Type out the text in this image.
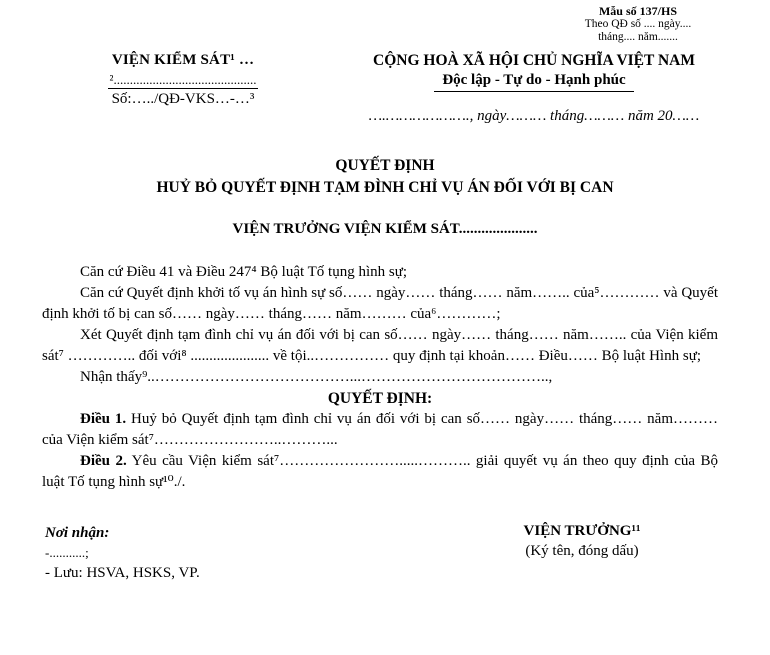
Mẫu số 137/HS
Theo QĐ số .... ngày....
tháng.... năm.......
VIỆN KIỂM SÁT¹ …
²............................................
Số:…../QĐ-VKS…-…³
CỘNG HOÀ XÃ HỘI CHỦ NGHĨA VIỆT NAM
Độc lập - Tự do - Hạnh phúc
….………………., ngày……… tháng……… năm 20……
QUYẾT ĐỊNH
HUỶ BỎ QUYẾT ĐỊNH TẠM ĐÌNH CHỈ VỤ ÁN ĐỐI VỚI BỊ CAN
VIỆN TRƯỞNG VIỆN KIỂM SÁT.....................

Căn cứ Điều 41 và Điều 247⁴ Bộ luật Tố tụng hình sự;

Căn cứ Quyết định khởi tố vụ án hình sự số…… ngày…… tháng…… năm…….. của⁵………… và Quyết định khởi tố bị can số…… ngày…… tháng…… năm……… của⁶…………;

Xét Quyết định tạm đình chỉ vụ án đối với bị can số…… ngày…… tháng…… năm…….. của Viện kiểm sát⁷ ………….. đối với⁸ ..................... về tội..…………… quy định tại khoản…… Điều…… Bộ luật Hình sự;

Nhận thấy⁹..…………………………………...………………………………..,

QUYẾT ĐỊNH:

Điều 1. Huỷ bỏ Quyết định tạm đình chỉ vụ án đối với bị can số…… ngày…… tháng…… năm……… của Viện kiểm sát⁷……………………..………...

Điều 2. Yêu cầu Viện kiểm sát⁷…………………….....……….. giải quyết vụ án theo quy định của Bộ luật Tố tụng hình sự¹⁰./.

Nơi nhận:
-...........;
- Lưu: HSVA, HSKS, VP.
VIỆN TRƯỞNG¹¹
(Ký tên, đóng dấu)
